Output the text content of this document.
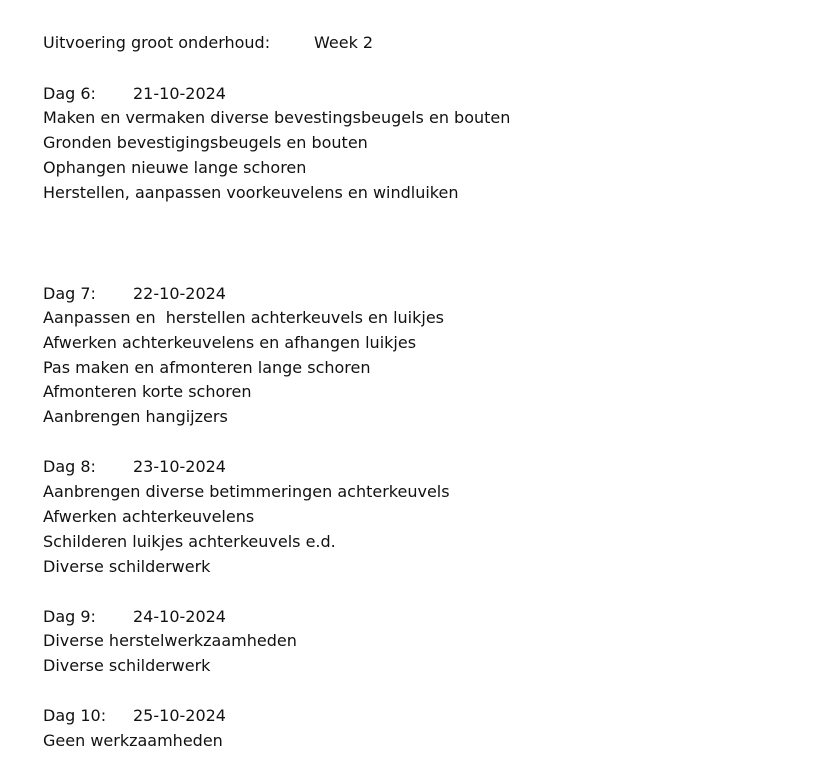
Uitvoering groot onderhoud:	Week 2
Dag 6: 21-10-2024
Maken en vermaken diverse bevestingsbeugels en bouten
Gronden bevestigingsbeugels en bouten
Ophangen nieuwe lange schoren
Herstellen, aanpassen voorkeuvelens en windluiken
Dag 7: 22-10-2024
Aanpassen en  herstellen achterkeuvels en luikjes
Afwerken achterkeuvelens en afhangen luikjes
Pas maken en afmonteren lange schoren
Afmonteren korte schoren
Aanbrengen hangijzers
Dag 8: 23-10-2024
Aanbrengen diverse betimmeringen achterkeuvels
Afwerken achterkeuvelens
Schilderen luikjes achterkeuvels e.d.
Diverse schilderwerk
Dag 9: 24-10-2024
Diverse herstelwerkzaamheden
Diverse schilderwerk
Dag 10: 25-10-2024
Geen werkzaamheden
